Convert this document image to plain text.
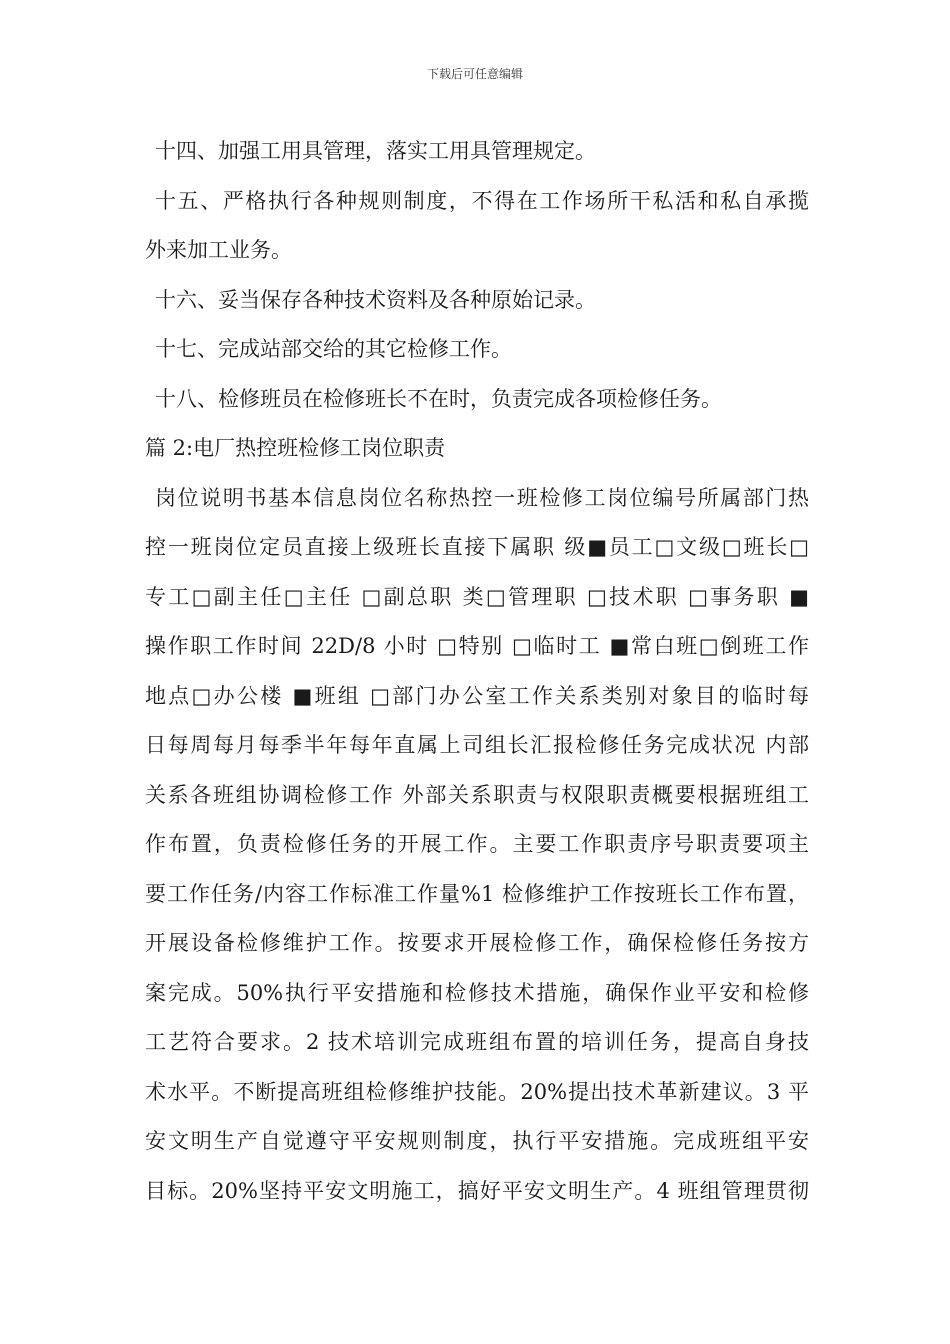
下载后可任意编辑
十四、加强工用具管理，落实工用具管理规定。
十五、严格执行各种规则制度，不得在工作场所干私活和私自承揽
外来加工业务。
十六、妥当保存各种技术资料及各种原始记录。
十七、完成站部交给的其它检修工作。
十八、检修班员在检修班长不在时，负责完成各项检修任务。
篇 2:电厂热控班检修工岗位职责
岗位说明书基本信息岗位名称热控一班检修工岗位编号所属部门热
控一班岗位定员直接上级班长直接下属职 级■员工□文级□班长□
专工□副主任□主任 □副总职 类□管理职 □技术职 □事务职 ■
操作职工作时间 22D/8 小时 □特别 □临时工 ■常白班□倒班工作
地点□办公楼 ■班组 □部门办公室工作关系类别对象目的临时每
日每周每月每季半年每年直属上司组长汇报检修任务完成状况 内部
关系各班组协调检修工作 外部关系职责与权限职责概要根据班组工
作布置，负责检修任务的开展工作。主要工作职责序号职责要项主
要工作任务/内容工作标准工作量%1 检修维护工作按班长工作布置，
开展设备检修维护工作。按要求开展检修工作，确保检修任务按方
案完成。50%执行平安措施和检修技术措施，确保作业平安和检修
工艺符合要求。2 技术培训完成班组布置的培训任务，提高自身技
术水平。不断提高班组检修维护技能。20%提出技术革新建议。3 平
安文明生产自觉遵守平安规则制度，执行平安措施。完成班组平安
目标。20%坚持平安文明施工，搞好平安文明生产。4 班组管理贯彻
